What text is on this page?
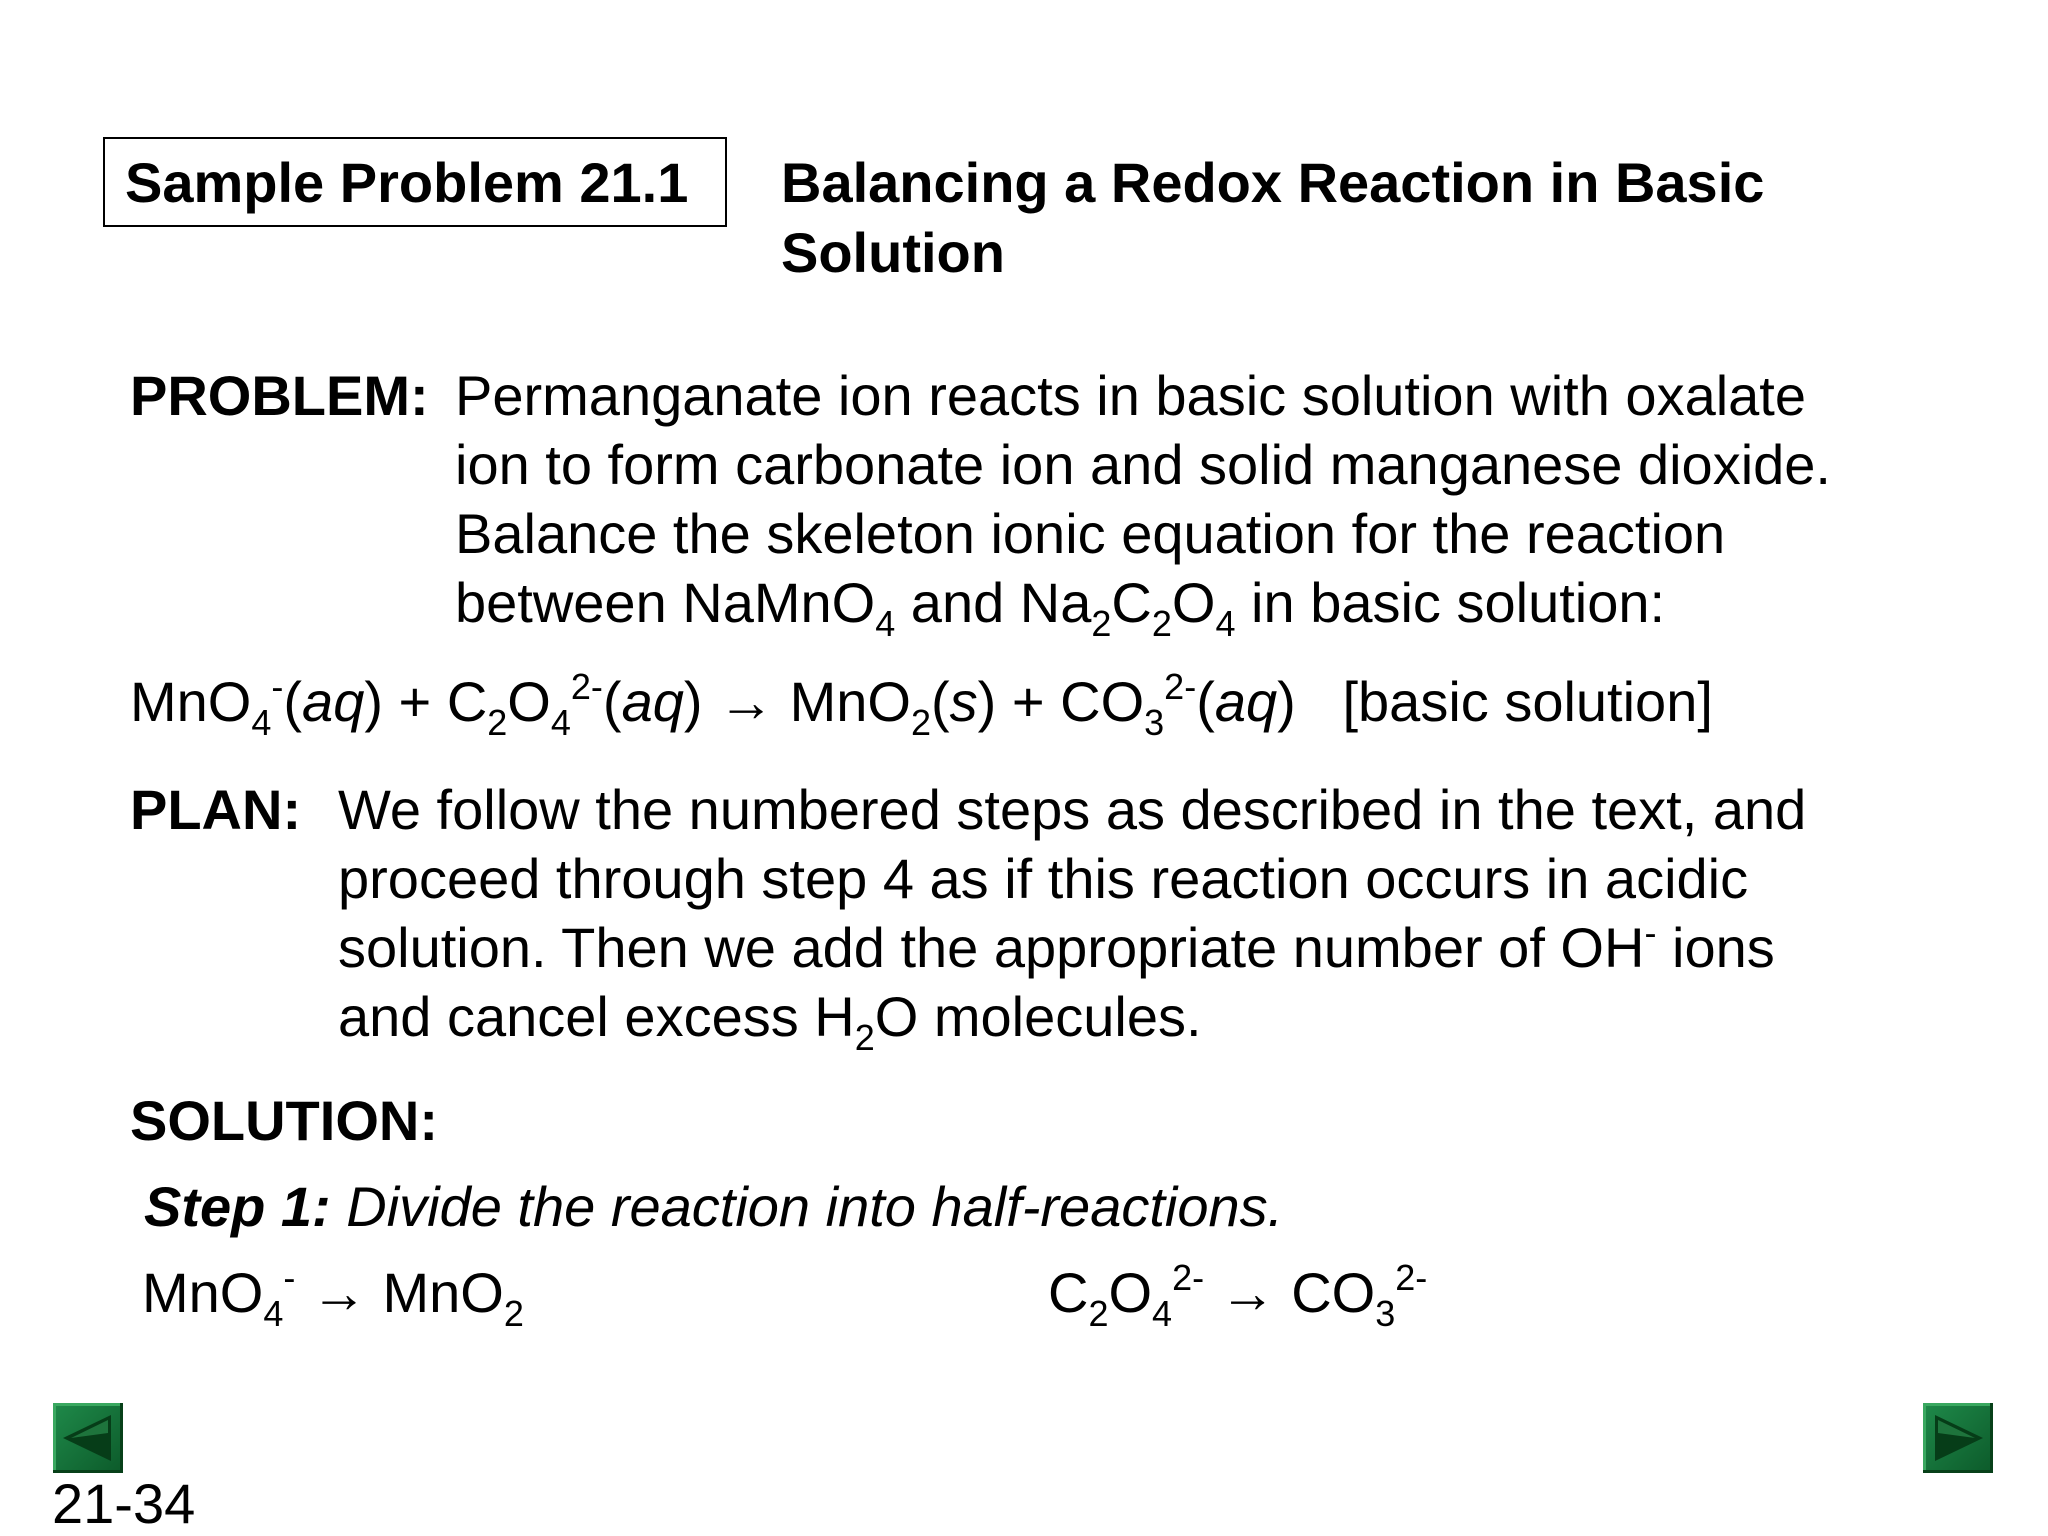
Sample Problem 21.1	Balancing a Redox Reaction in Basic Solution
PROBLEM: Permanganate ion reacts in basic solution with oxalate
ion to form carbonate ion and solid manganese dioxide.
Balance the skeleton ionic equation for the reaction
between NaMnO$_4$ and $Na_2C_2O_4$ in basic solution:
$MnO_4^-(aq) + C_2O_4^{2-}(aq) \to MnO_2(s) + CO_3^{2-}(aq)$   [basic solution]
PLAN: We follow the numbered steps as described in the text, and
proceed through step 4 as if this reaction occurs in acidic
solution. Then we add the appropriate number of OH- ions
and cancel excess $H_2O$ molecules.
SOLUTION:
Step 1: Divide the reaction into half-reactions.
MnO$_4$- → MnO$_2$	$C_2O_4^{2-} \to CO_3^{2-}$
21-34
